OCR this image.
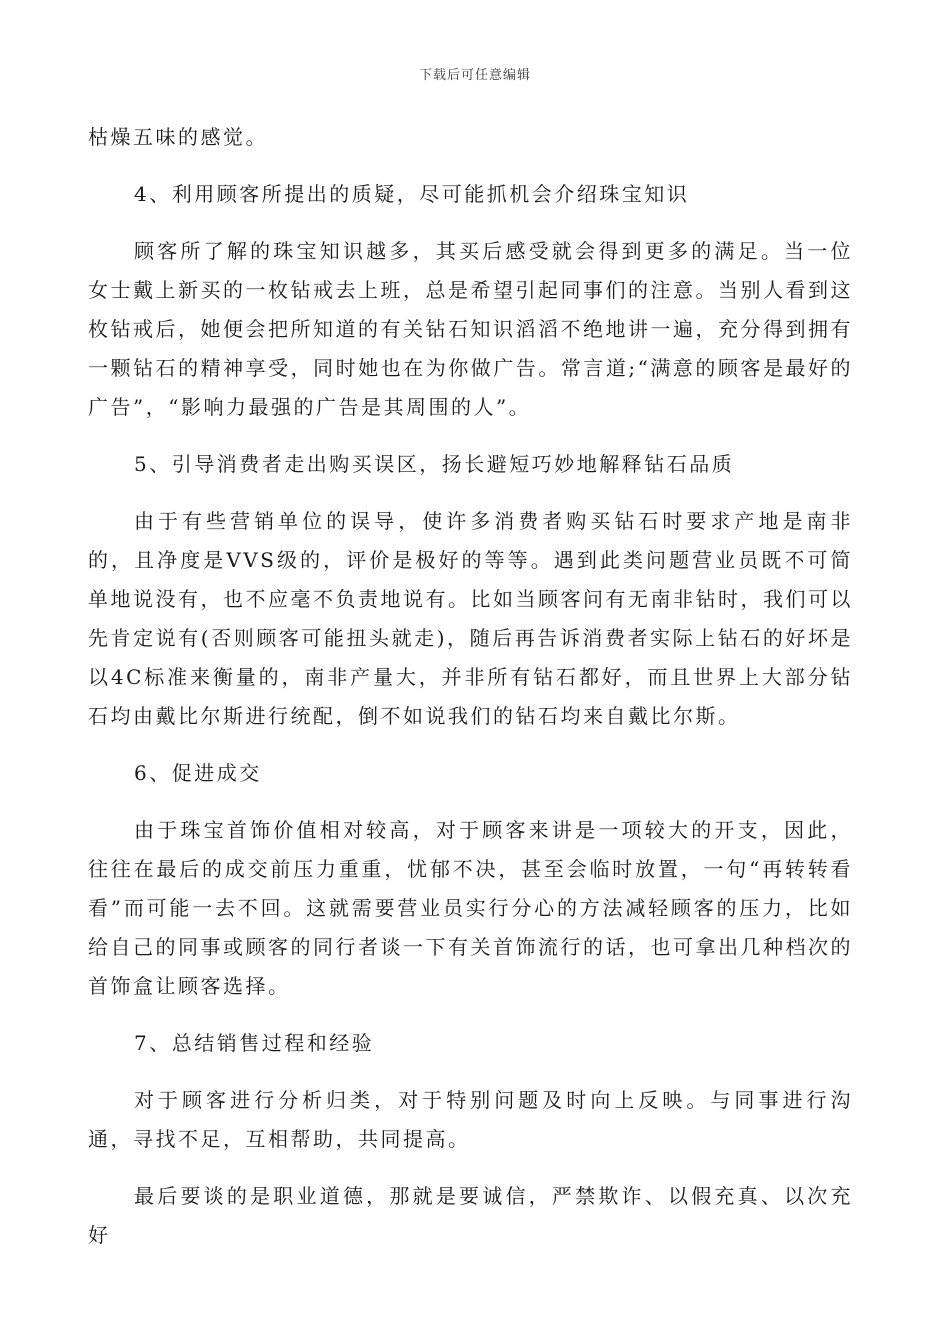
下载后可任意编辑

枯燥五味的感觉。

4、利用顾客所提出的质疑，尽可能抓机会介绍珠宝知识

顾客所了解的珠宝知识越多，其买后感受就会得到更多的满足。当一位女士戴上新买的一枚钻戒去上班，总是希望引起同事们的注意。当别人看到这枚钻戒后，她便会把所知道的有关钻石知识滔滔不绝地讲一遍，充分得到拥有一颗钻石的精神享受，同时她也在为你做广告。常言道;“满意的顾客是最好的广告”，“影响力最强的广告是其周围的人”。

5、引导消费者走出购买误区，扬长避短巧妙地解释钻石品质

由于有些营销单位的误导，使许多消费者购买钻石时要求产地是南非的，且净度是VVS级的，评价是极好的等等。遇到此类问题营业员既不可简单地说没有，也不应毫不负责地说有。比如当顾客问有无南非钻时，我们可以先肯定说有(否则顾客可能扭头就走)，随后再告诉消费者实际上钻石的好坏是以4C标准来衡量的，南非产量大，并非所有钻石都好，而且世界上大部分钻石均由戴比尔斯进行统配，倒不如说我们的钻石均来自戴比尔斯。

6、促进成交

由于珠宝首饰价值相对较高，对于顾客来讲是一项较大的开支，因此，往往在最后的成交前压力重重，忧郁不决，甚至会临时放置，一句“再转转看看”而可能一去不回。这就需要营业员实行分心的方法减轻顾客的压力，比如给自己的同事或顾客的同行者谈一下有关首饰流行的话，也可拿出几种档次的首饰盒让顾客选择。

7、总结销售过程和经验

对于顾客进行分析归类，对于特别问题及时向上反映。与同事进行沟通，寻找不足，互相帮助，共同提高。

最后要谈的是职业道德，那就是要诚信，严禁欺诈、以假充真、以次充好
